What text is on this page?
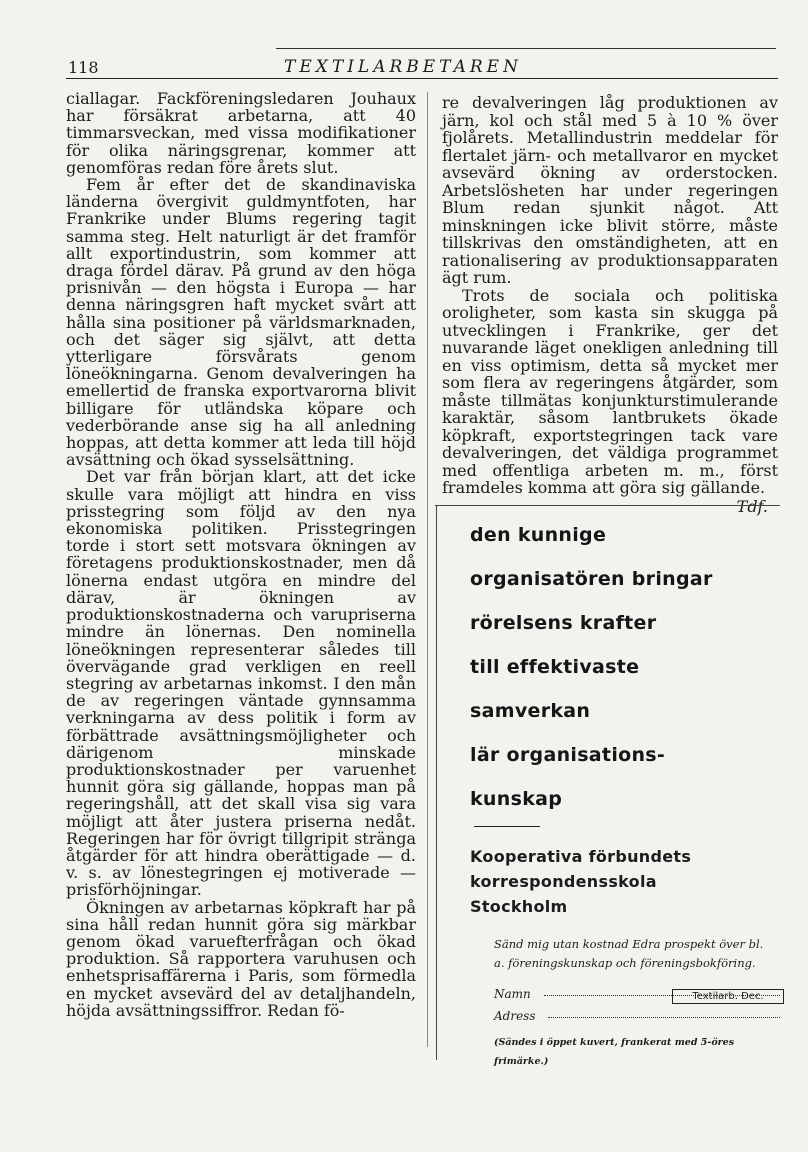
118	TEXTILARBETAREN

ciallagar. Fackföreningsledaren Jouhaux har försäkrat arbetarna, att 40 timmarsveckan, med vissa modifikationer för olika näringsgrenar, kommer att genomföras redan före årets slut.

Fem år efter det de skandinaviska länderna övergivit guldmyntfoten, har Frankrike under Blums regering tagit samma steg. Helt naturligt är det framför allt exportindustrin, som kommer att draga fördel därav. På grund av den höga prisnivån — den högsta i Europa — har denna näringsgren haft mycket svårt att hålla sina positioner på världsmarknaden, och det säger sig självt, att detta ytterligare försvårats genom löneökningarna. Genom devalveringen ha emellertid de franska exportvarorna blivit billigare för utländska köpare och vederbörande anse sig ha all anledning hoppas, att detta kommer att leda till höjd avsättning och ökad sysselsättning.

Det var från början klart, att det icke skulle vara möjligt att hindra en viss prisstegring som följd av den nya ekonomiska politiken. Prisstegringen torde i stort sett motsvara ökningen av företagens produktionskostnader, men då lönerna endast utgöra en mindre del därav, är ökningen av produktionskostnaderna och varupriserna mindre än lönernas. Den nominella löneökningen representerar således till övervägande grad verkligen en reell stegring av arbetarnas inkomst. I den mån de av regeringen väntade gynnsamma verkningarna av dess politik i form av förbättrade avsättningsmöjligheter och därigenom minskade produktionskostnader per varuenhet hunnit göra sig gällande, hoppas man på regeringshåll, att det skall visa sig vara möjligt att åter justera priserna nedåt. Regeringen har för övrigt tillgripit stränga åtgärder för att hindra oberättigade — d. v. s. av lönestegringen ej motiverade — prisförhöjningar.

Ökningen av arbetarnas köpkraft har på sina håll redan hunnit göra sig märkbar genom ökad varuefterfrågan och ökad produktion. Så rapportera varuhusen och enhetsprisaffärerna i Paris, som förmedla en mycket avsevärd del av detaljhandeln, höjda avsättningssiffror. Redan fö-

re devalveringen låg produktionen av järn, kol och stål med 5 à 10 % över fjolårets. Metallindustrin meddelar för flertalet järn- och metallvaror en mycket avsevärd ökning av orderstocken. Arbetslösheten har under regeringen Blum redan sjunkit något. Att minskningen icke blivit större, måste tillskrivas den omständigheten, att en rationalisering av produktionsapparaten ägt rum.

Trots de sociala och politiska oroligheter, som kasta sin skugga på utvecklingen i Frankrike, ger det nuvarande läget onekligen anledning till en viss optimism, detta så mycket mer som flera av regeringens åtgärder, som måste tillmätas konjunkturstimulerande karaktär, såsom lantbrukets ökade köpkraft, exportstegringen tack vare devalveringen, det väldiga programmet med offentliga arbeten m. m., först framdeles komma att göra sig gällande.

Tdf.
den kunnige
organisatören bringar
rörelsens krafter
till effektivaste
samverkan
lär organisations-
kunskap
Kooperativa förbundets
korrespondensskola
Stockholm
Sänd mig utan kostnad Edra prospekt över bl. a. föreningskunskap och föreningsbokföring.
Namn	Textilarb. Dec.
Adress
(Sändes i öppet kuvert, frankerat med 5-öres frimärke.)
